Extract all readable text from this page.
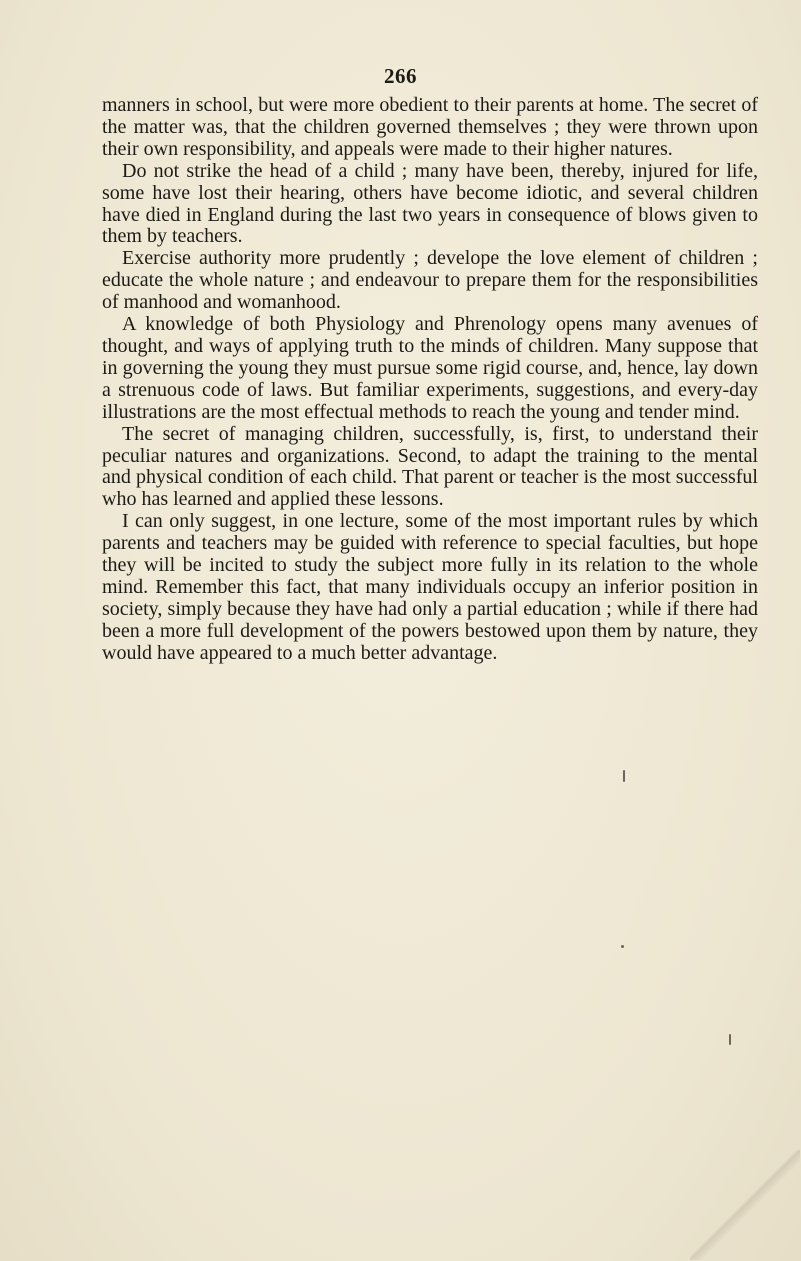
266

manners in school, but were more obedient to their parents at home. The secret of the matter was, that the children governed themselves ; they were thrown upon their own responsibility, and appeals were made to their higher natures.

Do not strike the head of a child ; many have been, thereby, injured for life, some have lost their hearing, others have become idiotic, and several children have died in England during the last two years in consequence of blows given to them by teachers.

Exercise authority more prudently ; develope the love element of children ; educate the whole nature ; and endeavour to prepare them for the responsibilities of manhood and womanhood.

A knowledge of both Physiology and Phrenology opens many avenues of thought, and ways of applying truth to the minds of children. Many suppose that in governing the young they must pursue some rigid course, and, hence, lay down a strenuous code of laws. But familiar experiments, suggestions, and every-day illustrations are the most effectual methods to reach the young and tender mind.

The secret of managing children, successfully, is, first, to understand their peculiar natures and organizations. Second, to adapt the training to the mental and physical condition of each child. That parent or teacher is the most successful who has learned and applied these lessons.

I can only suggest, in one lecture, some of the most important rules by which parents and teachers may be guided with reference to special faculties, but hope they will be incited to study the subject more fully in its relation to the whole mind. Remember this fact, that many individuals occupy an inferior position in society, simply because they have had only a partial education ; while if there had been a more full development of the powers bestowed upon them by nature, they would have appeared to a much better advantage.
